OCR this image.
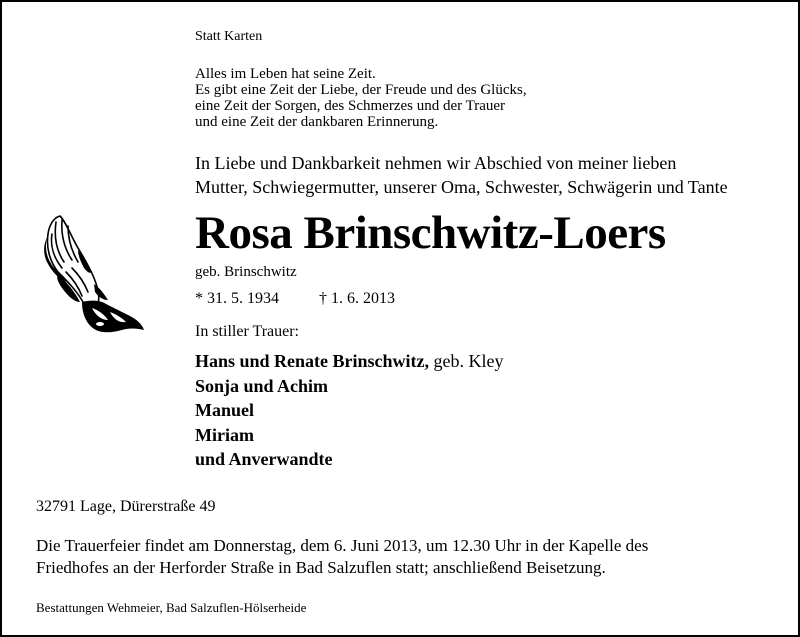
Statt Karten
Alles im Leben hat seine Zeit.
Es gibt eine Zeit der Liebe, der Freude und des Glücks,
eine Zeit der Sorgen, des Schmerzes und der Trauer
und eine Zeit der dankbaren Erinnerung.
In Liebe und Dankbarkeit nehmen wir Abschied von meiner lieben
Mutter, Schwiegermutter, unserer Oma, Schwester, Schwägerin und Tante
Rosa Brinschwitz-Loers
geb. Brinschwitz
* 31. 5. 1934	† 1. 6. 2013
In stiller Trauer:
Hans und Renate Brinschwitz, geb. Kley
Sonja und Achim
Manuel
Miriam
und Anverwandte
32791 Lage, Dürerstraße 49
Die Trauerfeier findet am Donnerstag, dem 6. Juni 2013, um 12.30 Uhr in der Kapelle des
Friedhofes an der Herforder Straße in Bad Salzuflen statt; anschließend Beisetzung.
Bestattungen Wehmeier, Bad Salzuflen-Hölserheide
